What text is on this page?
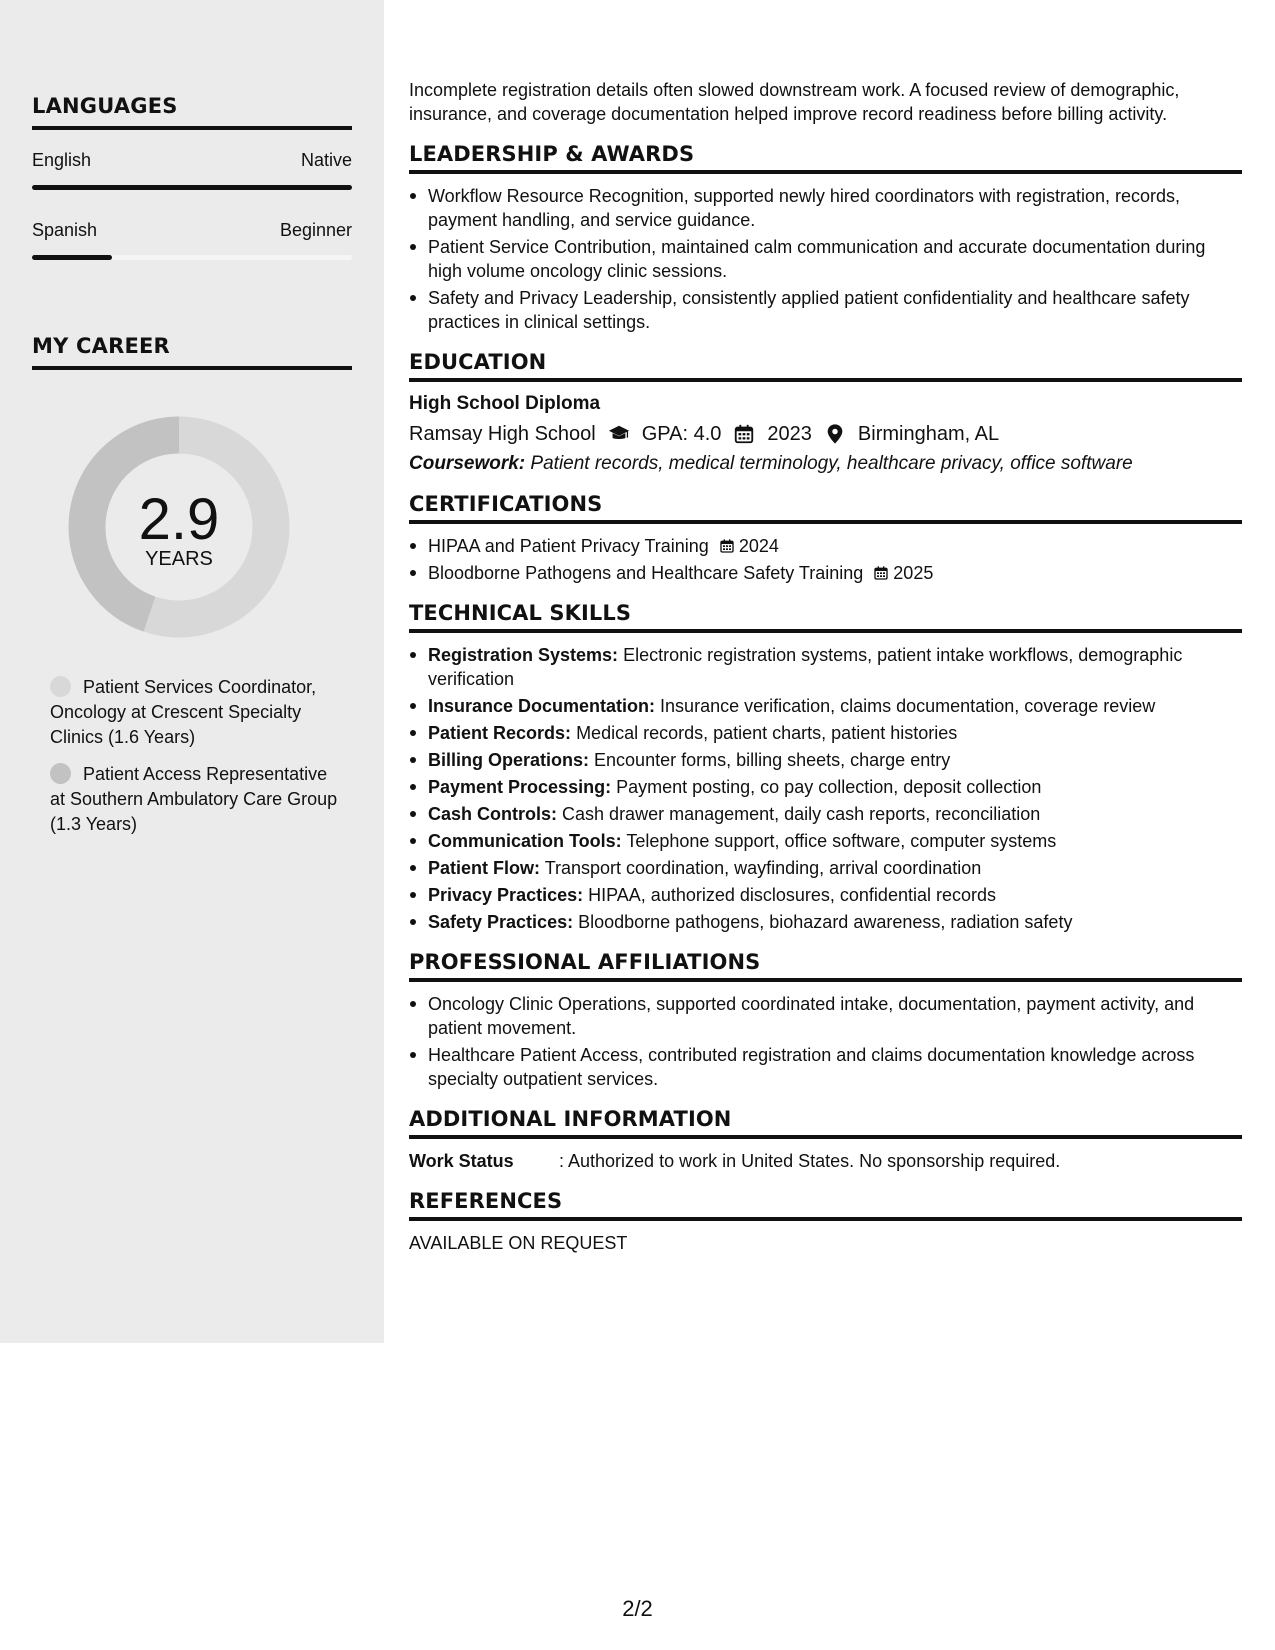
LANGUAGES
English	Native
Spanish	Beginner
MY CAREER
2.9
YEARS
Patient Services Coordinator, Oncology at Crescent Specialty Clinics (1.6 Years)
Patient Access Representative at Southern Ambulatory Care Group (1.3 Years)

Incomplete registration details often slowed downstream work. A focused review of demographic, insurance, and coverage documentation helped improve record readiness before billing activity.

LEADERSHIP & AWARDS
Workflow Resource Recognition, supported newly hired coordinators with registration, records, payment handling, and service guidance.
Patient Service Contribution, maintained calm communication and accurate documentation during high volume oncology clinic sessions.
Safety and Privacy Leadership, consistently applied patient confidentiality and healthcare safety practices in clinical settings.
EDUCATION
High School Diploma
Ramsay High School GPA: 4.0 2023 Birmingham, AL
Coursework: Patient records, medical terminology, healthcare privacy, office software
CERTIFICATIONS
HIPAA and Patient Privacy Training 2024
Bloodborne Pathogens and Healthcare Safety Training 2025
TECHNICAL SKILLS
Registration Systems: Electronic registration systems, patient intake workflows, demographic verification
Insurance Documentation: Insurance verification, claims documentation, coverage review
Patient Records: Medical records, patient charts, patient histories
Billing Operations: Encounter forms, billing sheets, charge entry
Payment Processing: Payment posting, co pay collection, deposit collection
Cash Controls: Cash drawer management, daily cash reports, reconciliation
Communication Tools: Telephone support, office software, computer systems
Patient Flow: Transport coordination, wayfinding, arrival coordination
Privacy Practices: HIPAA, authorized disclosures, confidential records
Safety Practices: Bloodborne pathogens, biohazard awareness, radiation safety
PROFESSIONAL AFFILIATIONS
Oncology Clinic Operations, supported coordinated intake, documentation, payment activity, and patient movement.
Healthcare Patient Access, contributed registration and claims documentation knowledge across specialty outpatient services.
ADDITIONAL INFORMATION
Work Status	: Authorized to work in United States. No sponsorship required.
REFERENCES
AVAILABLE ON REQUEST
2/2
